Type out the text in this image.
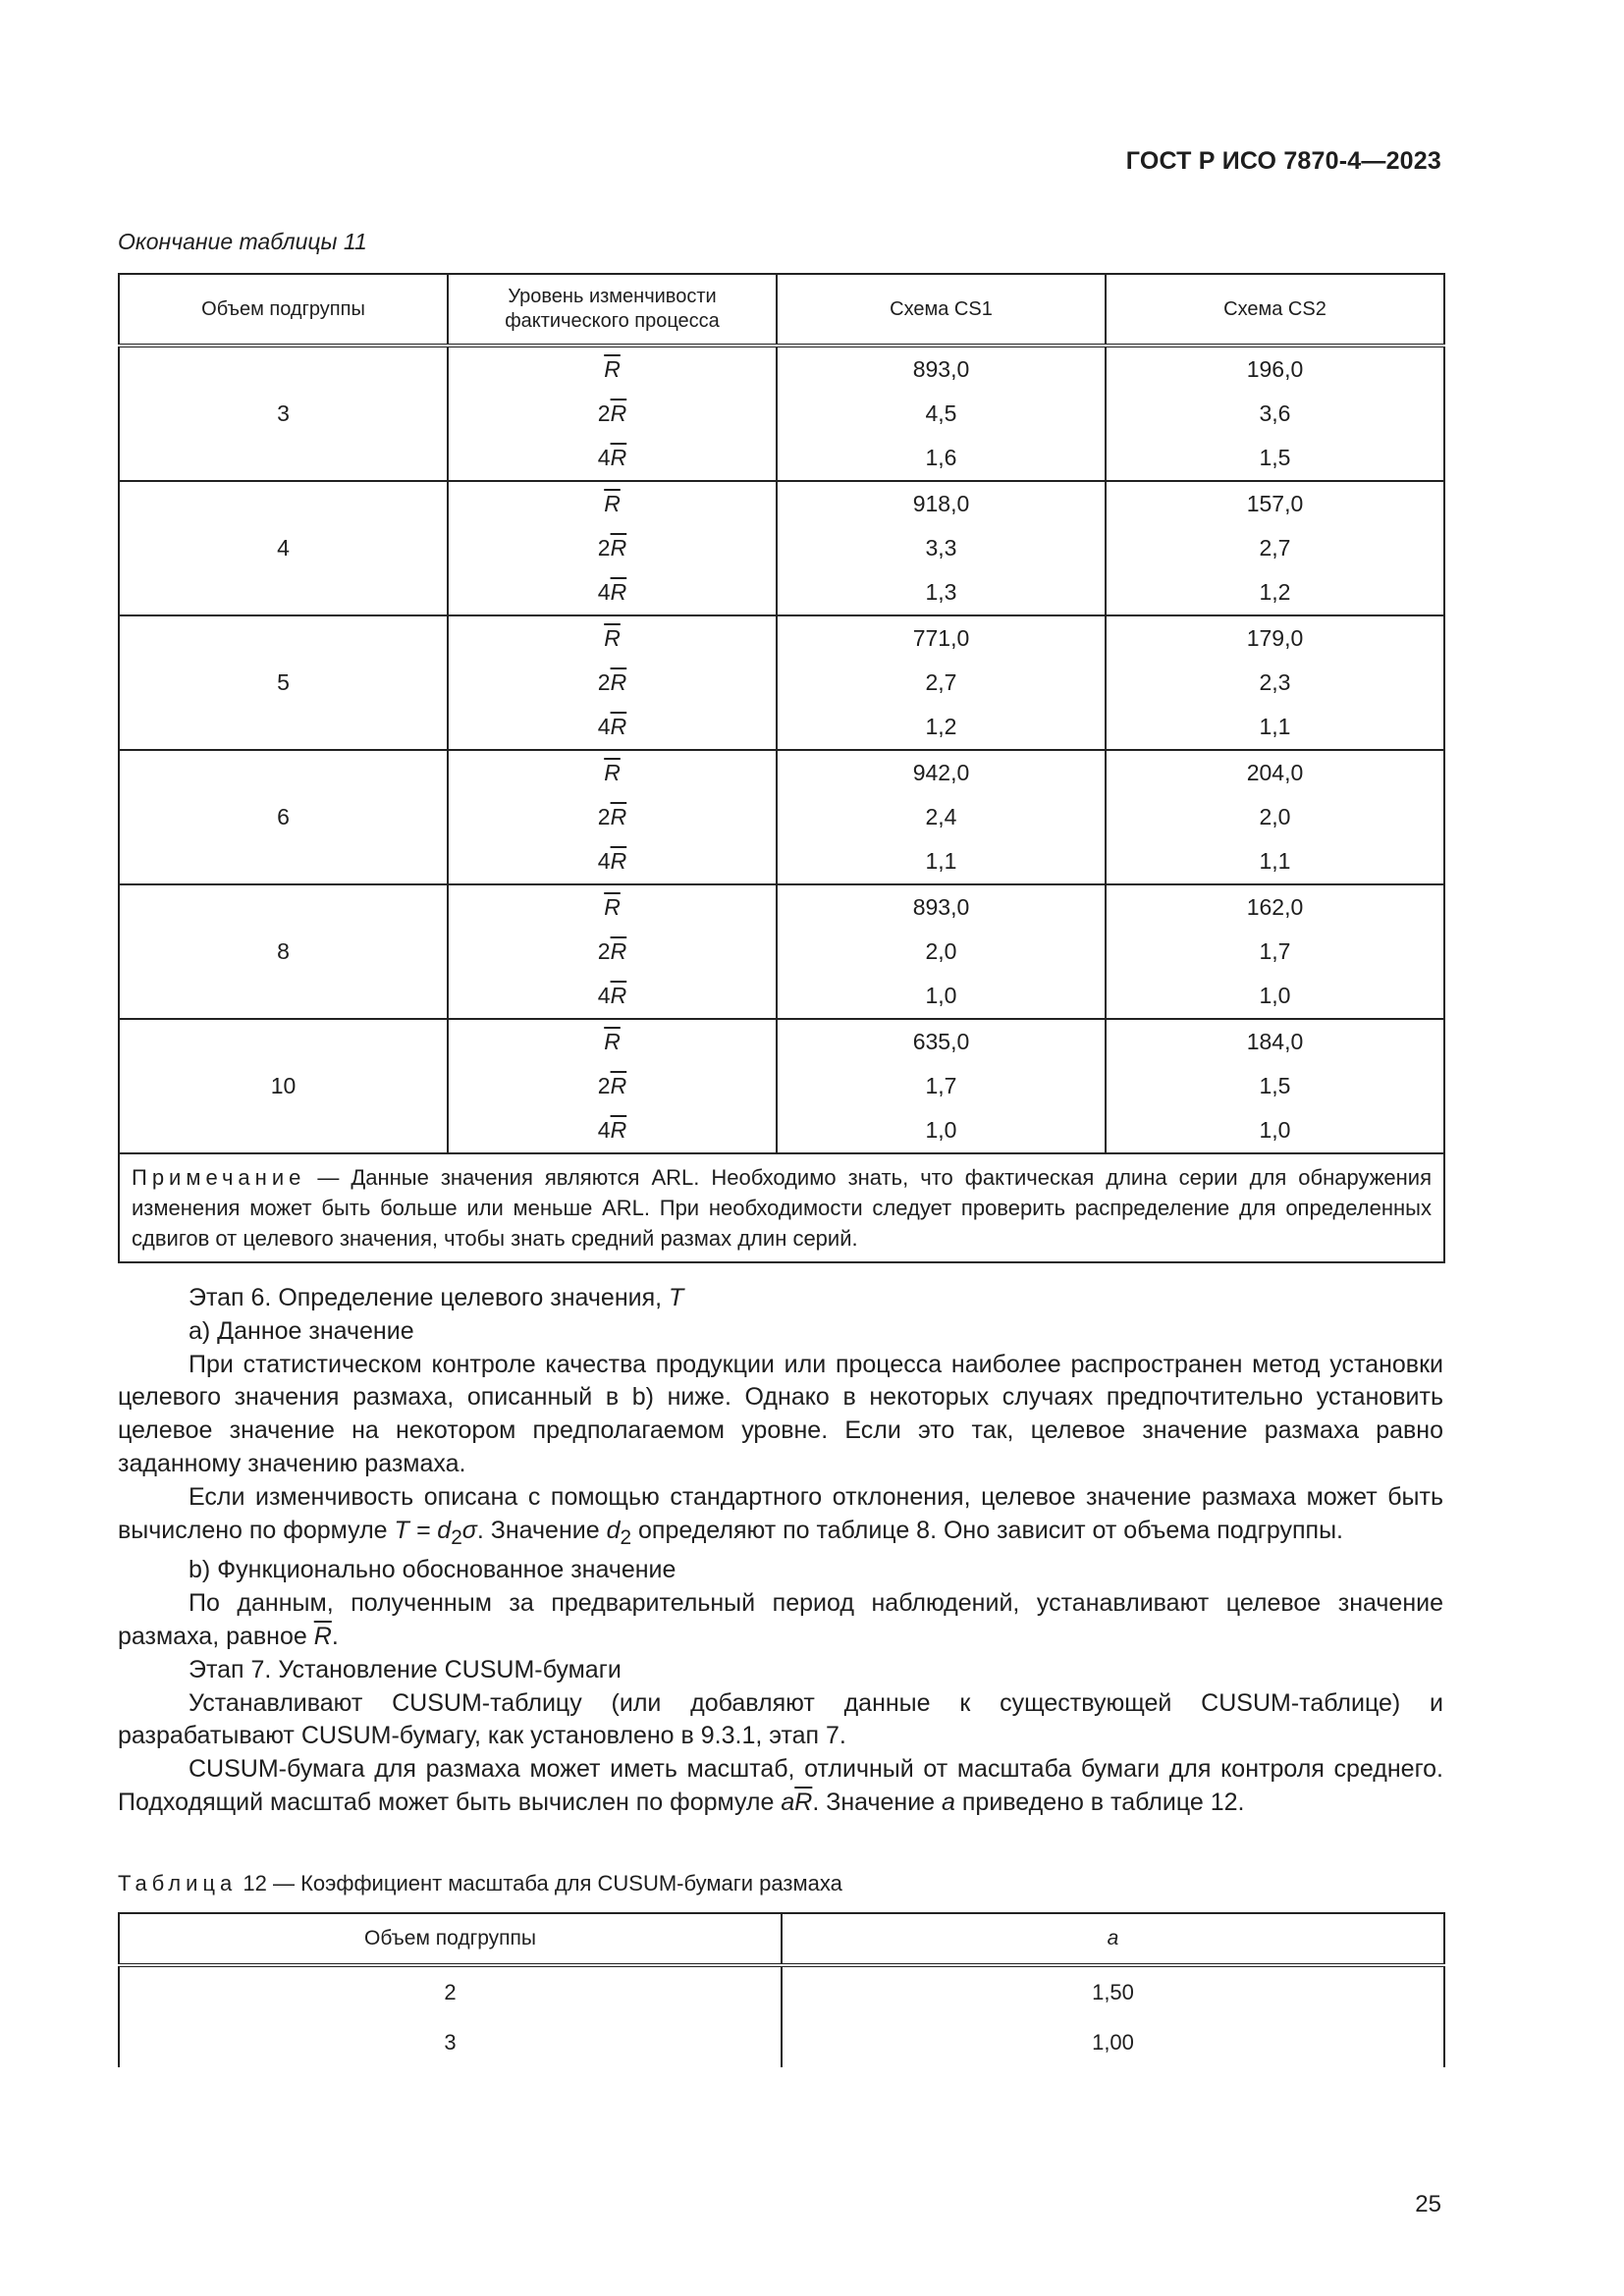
ГОСТ Р ИСО 7870-4—2023
Окончание таблицы 11
Объем подгруппы	Уровень изменчивости фактического процесса	Схема CS1	Схема CS2
3	$\overline{R}$	893,0	196,0
	$2\overline{R}$	4,5	3,6
	$4\overline{R}$	1,6	1,5
4	$\overline{R}$	918,0	157,0
	$2\overline{R}$	3,3	2,7
	$4\overline{R}$	1,3	1,2
5	$\overline{R}$	771,0	179,0
	$2\overline{R}$	2,7	2,3
	$4\overline{R}$	1,2	1,1
6	$\overline{R}$	942,0	204,0
	$2\overline{R}$	2,4	2,0
	$4\overline{R}$	1,1	1,1
8	$\overline{R}$	893,0	162,0
	$2\overline{R}$	2,0	1,7
	$4\overline{R}$	1,0	1,0
10	$\overline{R}$	635,0	184,0
	$2\overline{R}$	1,7	1,5
	$4\overline{R}$	1,0	1,0
Примечание — Данные значения являются ARL. Необходимо знать, что фактическая длина серии для обнаружения изменения может быть больше или меньше ARL. При необходимости следует проверить распределение для определенных сдвигов от целевого значения, чтобы знать средний размах длин серий.			

Этап 6. Определение целевого значения, T

а) Данное значение

При статистическом контроле качества продукции или процесса наиболее распространен метод установки целевого значения размаха, описанный в b) ниже. Однако в некоторых случаях предпочтительно установить целевое значение на некотором предполагаемом уровне. Если это так, целевое значение размаха равно заданному значению размаха.

Если изменчивость описана с помощью стандартного отклонения, целевое значение размаха может быть вычислено по формуле $T = d_2\sigma$. Значение $d_2$ определяют по таблице 8. Оно зависит от объема подгруппы.

b) Функционально обоснованное значение

По данным, полученным за предварительный период наблюдений, устанавливают целевое значение размаха, равное $\overline{R}$.

Этап 7. Установление CUSUM-бумаги

Устанавливают CUSUM-таблицу (или добавляют данные к существующей CUSUM-таблице) и разрабатывают CUSUM-бумагу, как установлено в 9.3.1, этап 7.

CUSUM-бумага для размаха может иметь масштаб, отличный от масштаба бумаги для контроля среднего. Подходящий масштаб может быть вычислен по формуле $a\overline{R}$. Значение a приведено в таблице 12.

Таблица 12 — Коэффициент масштаба для CUSUM-бумаги размаха
Объем подгруппы	a
2	1,50
3	1,00
25
